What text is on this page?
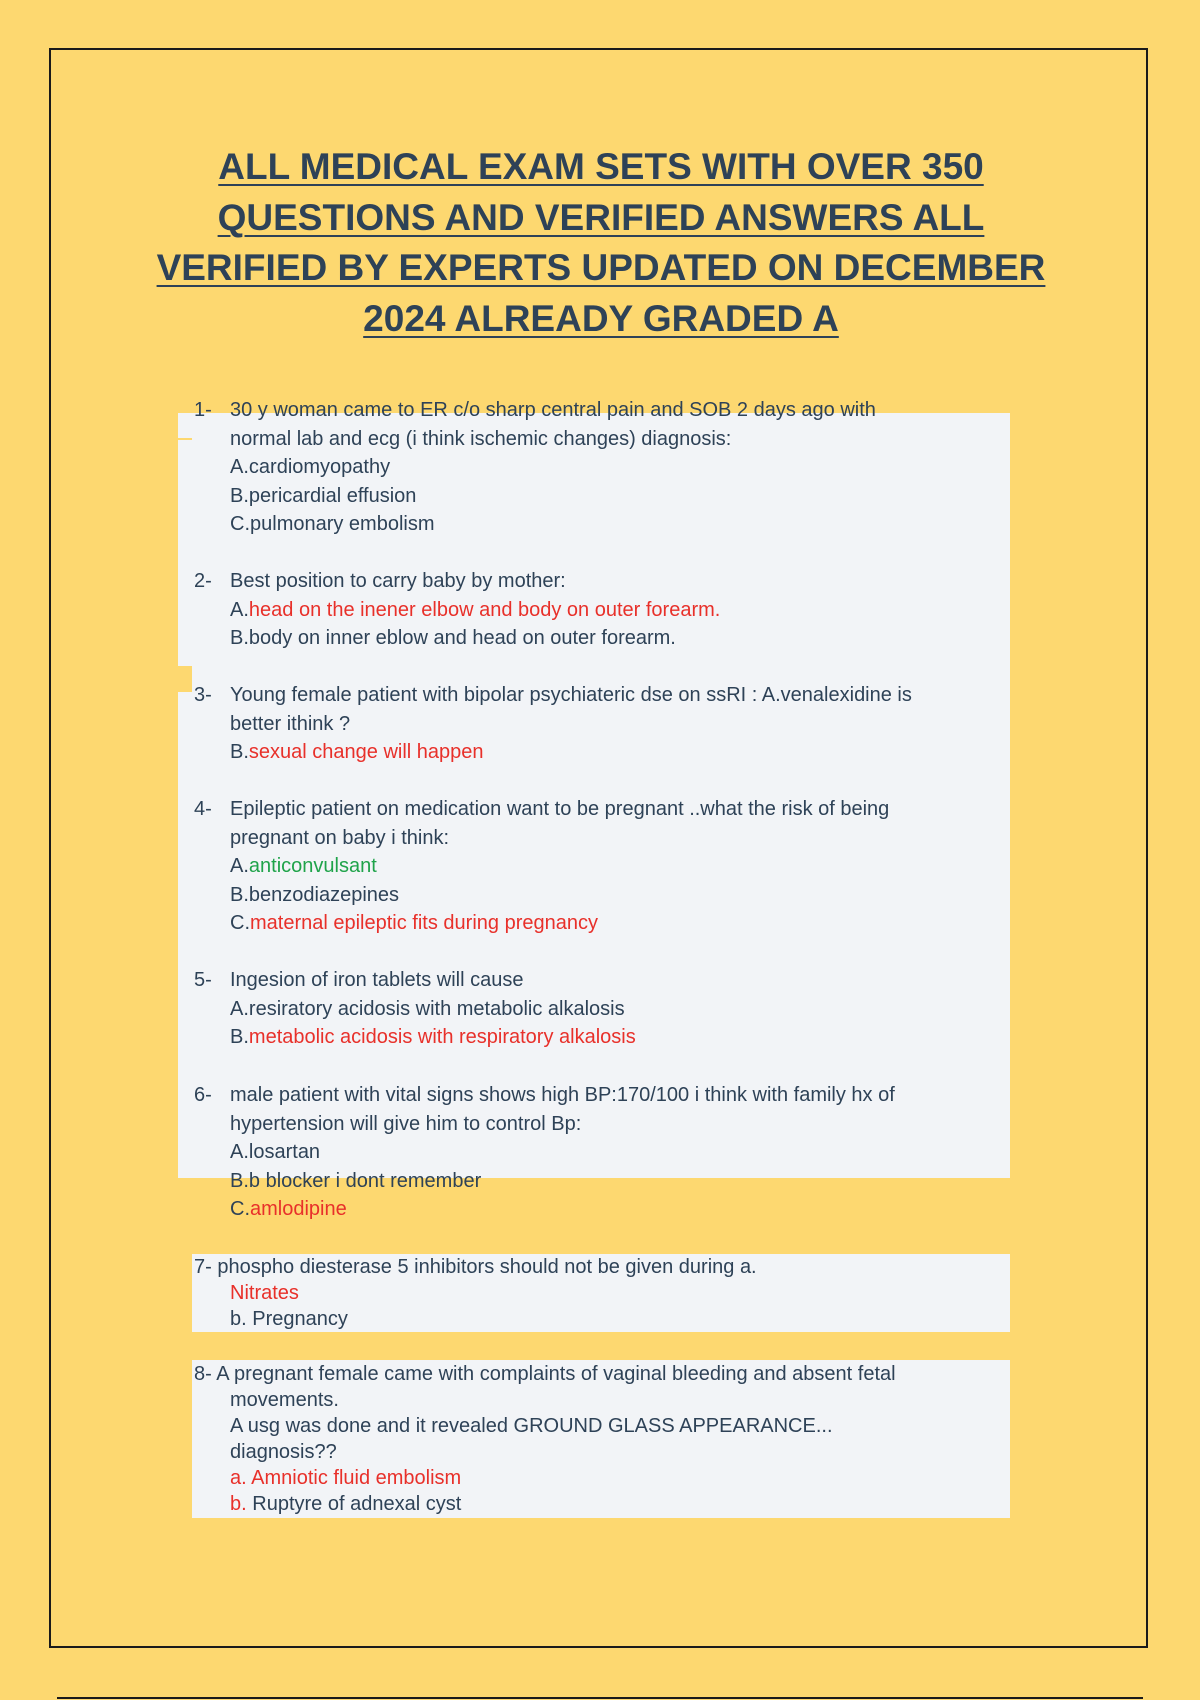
ALL MEDICAL EXAM SETS WITH OVER 350 QUESTIONS AND VERIFIED ANSWERS ALL VERIFIED BY EXPERTS UPDATED ON DECEMBER 2024 ALREADY GRADED A
1- 30 y woman came to ER c/o sharp central pain and SOB 2 days ago with
normal lab and ecg (i think ischemic changes) diagnosis:
A.cardiomyopathy
B.pericardial effusion
C.pulmonary embolism
2- Best position to carry baby by mother:
A.head on the inener elbow and body on outer forearm.
B.body on inner eblow and head on outer forearm.
3- Young female patient with bipolar psychiateric dse on ssRI : A.venalexidine is
better ithink ?
B.sexual change will happen
4- Epileptic patient on medication want to be pregnant ..what the risk of being
pregnant on baby i think:
A.anticonvulsant
B.benzodiazepines
C.maternal epileptic fits during pregnancy
5- Ingesion of iron tablets will cause
A.resiratory acidosis with metabolic alkalosis
B.metabolic acidosis with respiratory alkalosis
6- male patient with vital signs shows high BP:170/100 i think with family hx of
hypertension will give him to control Bp:
A.losartan
B.b blocker i dont remember
C.amlodipine
7- phospho diesterase 5 inhibitors should not be given during a.
Nitrates
b. Pregnancy
8- A pregnant female came with complaints of vaginal bleeding and absent fetal
movements.
A usg was done and it revealed GROUND GLASS APPEARANCE...
diagnosis??
a. Amniotic fluid embolism
b. Ruptyre of adnexal cyst
